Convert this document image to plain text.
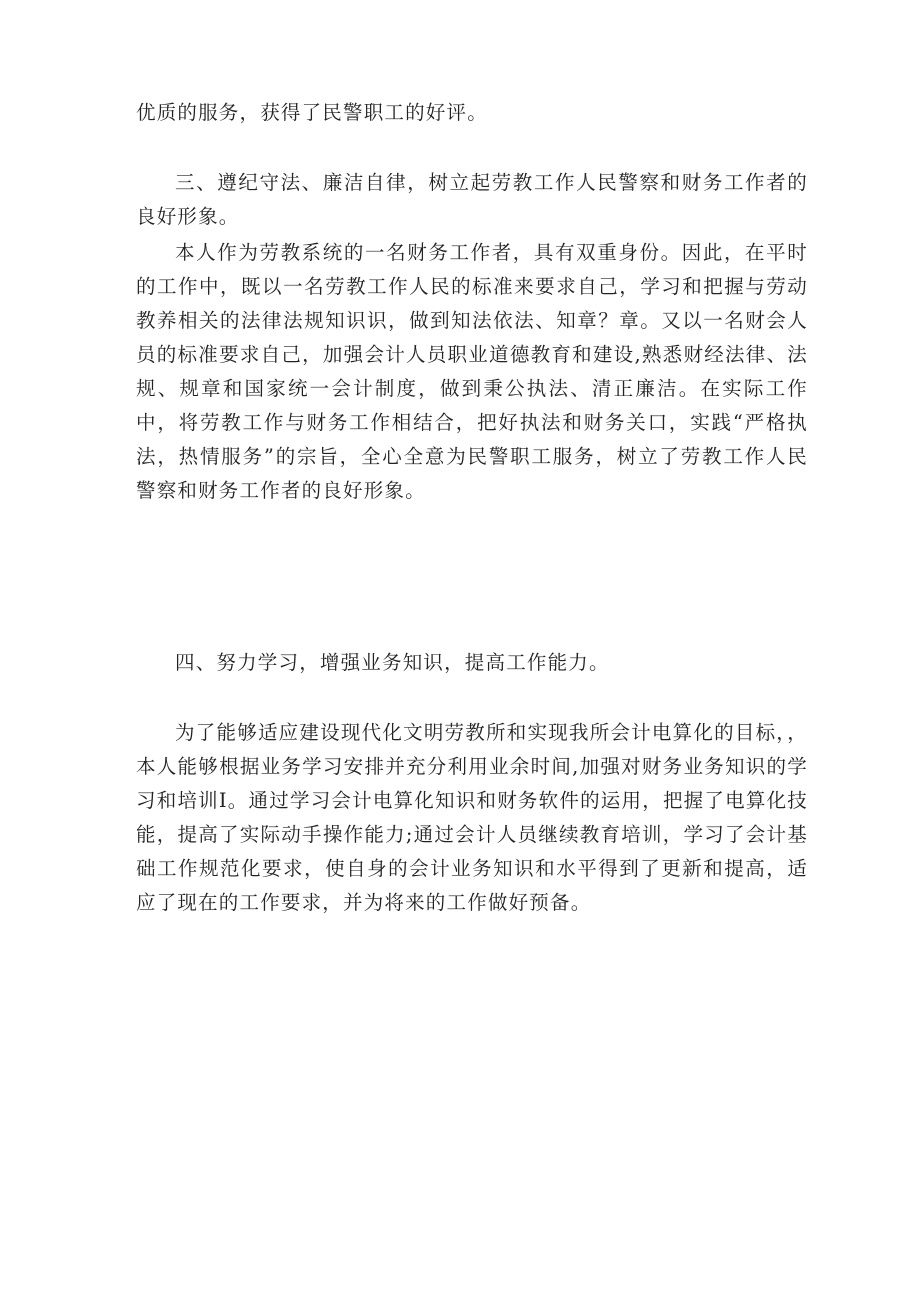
优质的服务，获得了民警职工的好评。

三、遵纪守法、廉洁自律，树立起劳教工作人民警察和财务工作者的良好形象。

本人作为劳教系统的一名财务工作者，具有双重身份。因此，在平时的工作中，既以一名劳教工作人民的标准来要求自己，学习和把握与劳动教养相关的法律法规知识识，做到知法依法、知章？章。又以一名财会人员的标准要求自己，加强会计人员职业道德教育和建设,熟悉财经法律、法规、规章和国家统一会计制度，做到秉公执法、清正廉洁。在实际工作中，将劳教工作与财务工作相结合，把好执法和财务关口，实践“严格执法，热情服务”的宗旨，全心全意为民警职工服务，树立了劳教工作人民警察和财务工作者的良好形象。

四、努力学习，增强业务知识，提高工作能力。

为了能够适应建设现代化文明劳教所和实现我所会计电算化的目标，，本人能够根据业务学习安排并充分利用业余时间,加强对财务业务知识的学习和培训I。通过学习会计电算化知识和财务软件的运用，把握了电算化技能，提高了实际动手操作能力;通过会计人员继续教育培训，学习了会计基础工作规范化要求，使自身的会计业务知识和水平得到了更新和提高，适应了现在的工作要求，并为将来的工作做好预备。
